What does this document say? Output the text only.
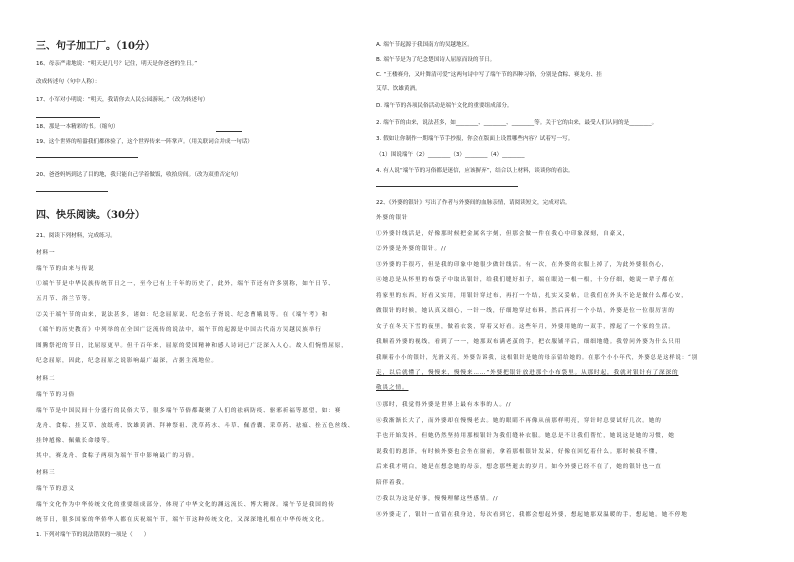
三、句子加工厂。（10分）
16、母亲严肃地说：“明天是几号？记住，明天是你爸爸的生日。”
改成转述句（句中人称）：
17、小军对小明说：“明天，我请你去人民公园游玩。”（改为转述句）
18、那是一本精彩的书。（缩句）
19、这个世界的喧嚣我们都体验了，这个世界传来一阵掌声。（用关联词合并成一句话）
20、爸爸妈妈到达了目的地，我只能自己学着做饭，收拾房间。（改为双重否定句）
四、快乐阅读。（30分）
21、阅读下列材料，完成练习。
材料一
端午节的由来与传说
①端午节是中华民族传统节日之一，至今已有上千年的历史了，此外，端午节还有许多别称，如午日节、
五月节、浴兰节等。
②关于端午节的由来，说法甚多，诸如：纪念屈原说、纪念伍子胥说、纪念曹娥说等。在《端午考》和
《端午的历史教育》中列举的在全国广泛流传的说法中，端午节的起源是中国古代南方吴越民族举行
图腾祭祀的节日，比屈原更早。但千百年来，屈原的爱国精神和感人诗词已广泛深入人心。故人们惋惜屈原，
纪念屈原，因此，纪念屈原之说影响最广最深，占据主流地位。
材料二
端午节的习俗
端午节是中国民间十分盛行的民俗大节，很多端午节俗都凝聚了人们的祛病防疫、驱邪祈福等愿望，如：赛
龙舟、食粽、挂艾草、放纸鸢、饮雄黄酒、拜神祭祖、洗草药水、斗草、佩香囊、采草药、祛瘟、拴五色丝线、
挂钟馗像、佩戴长命缕等。
其中，赛龙舟、食粽子两项为端午节中影响最广的习俗。
材料三
端午节的意义
端午文化作为中华传统文化的重要组成部分，体现了中华文化的渊远流长、博大精深。端午节是我国的传
统节日，很多国家的华侨华人都在庆祝端午节，端午节这种传统文化，又深深地扎根在中华传统文化。
1. 下列对端午节的说法错误的一项是（　　）
A. 端午节起源于我国南方的吴越地区。
B. 端午节是为了纪念楚国诗人屈原而设的节日。
C. “王楼赛舟，又叶舞清可爱”这两句诗中写了端午节的四种习俗，分别是食粽、赛龙舟、挂
艾草、饮雄黄酒。
D. 端午节的各项民俗活动是端午文化的重要组成部分。
2. 端午节的由来，说法甚多，如________、________、________等。关于它的由来，最受人们认同的是________。
3. 假如让你制作一期端午节手抄报，你会在版面上设置哪些内容？试着写一写。
（1）围说端午（2）________（3）________（4）________
4. 有人说“端午节的习俗都是迷信，应该摒弃”，结合以上材料，谈谈你的看法。
22、《外婆的银针》写出了作者与外婆间的血脉亲情，请阅读短文，完成对话。
外婆的银针
①外婆针线活是，好像那时候把金属名字刻，但那会做一件在我心中印象深刻，自豪又，
②外婆是外婆的银针。//
③外婆的手很巧，但是我的印象中她很少做针线活。有一次，在外婆的衣服上掉了，为此外婆很伤心，
④她总是从怀里的布袋子中取出银针，给我们缝好扣子，端在眼边一根一根，十分仔细，她说一辈子都在
将家里的东西，好看又实用，用银针穿过布，再打一个结，扎实又妥帖，让我们在外头不论是做什么都心安，
做银针的时候，她认真又细心，一针一线，仔细地穿过布料，然后再打一个小结，外婆是位一位很厉害的
女子在冬天下雪的夜里，做着衣裳，穿着又好看。这些年月，外婆用她的一双手，撑起了一个家的生活。
我顺着外婆的视线，看到了一一，她那双布满老茧的手，把衣服铺平后，细细地缝。我曾问外婆为什么只用
我顺着小小的银针，光滑又亮，外婆告诉我，这根银针是她的母亲留给她的。在那个小小年代，外婆总是这样说：“别
走，以后就懂了，慢慢来，慢慢来……”外婆把银针放进那个小布袋里。从那时起，我就对银针有了深深的
敬畏之情。
⑤那时，我觉得外婆是世界上最有本事的人。//
⑥我渐渐长大了，而外婆却在慢慢老去。她的眼睛不再像从前那样明亮，穿针时总要试好几次。她的
手也开始发抖，但她仍然坚持用那根银针为我们缝补衣服。她总是不让我们帮忙，她说这是她的习惯，她
说我们的恩泽，有时候外婆也会坐在窗前，拿着那根银针发呆，好像在回忆着什么。那时候我不懂，
后来我才明白，她是在想念她的母亲，想念那些逝去的岁月。如今外婆已经不在了，她的银针也一直
陪伴着我。
⑦我以为这是好事，慢慢理解这些感情。//
⑧外婆走了，银针一直留在我身边，每次看到它，我都会想起外婆，想起她那双温暖的手，想起她。她不停地
